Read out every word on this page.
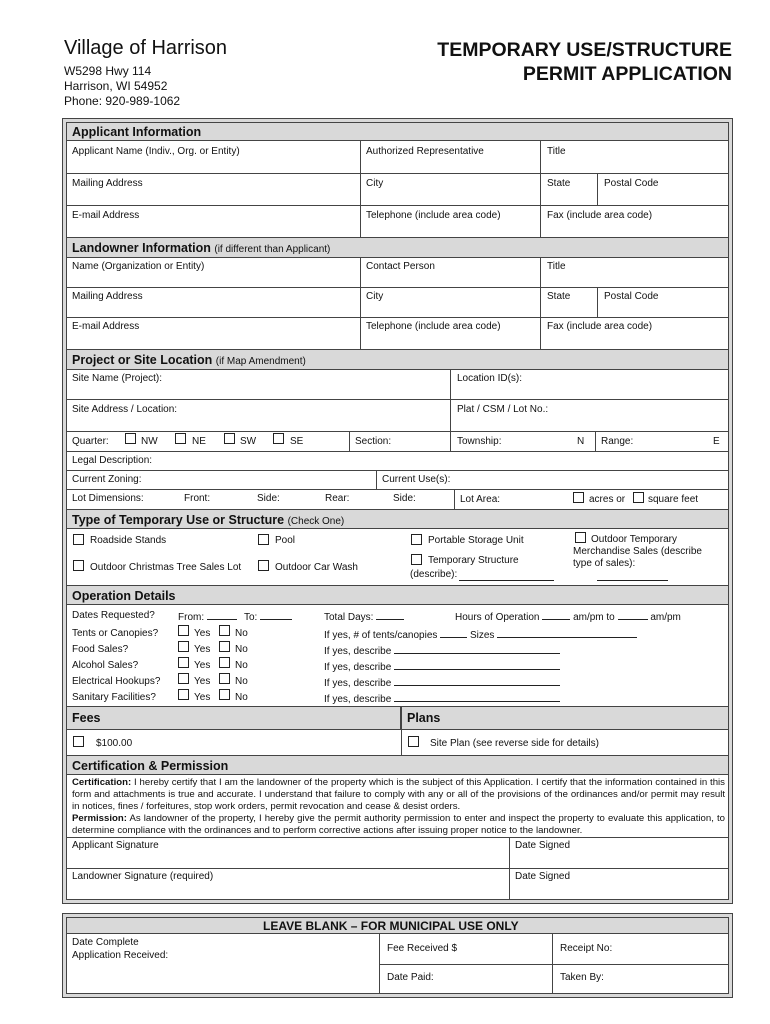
Village of Harrison
W5298 Hwy 114
Harrison, WI 54952
Phone: 920-989-1062
TEMPORARY USE/STRUCTURE
PERMIT APPLICATION
Applicant Information
Applicant Name (Indiv., Org. or Entity)	Authorized Representative	Title
Mailing Address	City	State	Postal Code
E-mail Address	Telephone (include area code)	Fax (include area code)
Landowner Information (if different than Applicant)
Name (Organization or Entity)	Contact Person	Title
Mailing Address	City	State	Postal Code
E-mail Address	Telephone (include area code)	Fax (include area code)
Project or Site Location (if Map Amendment)
Site Name (Project):	Location ID(s):
Site Address / Location:	Plat / CSM / Lot No.:
Quarter:	NW	NE	SW	SE	Section:	Township:	N Range:	E
Legal Description:
Current Zoning:	Current Use(s):
Lot Dimensions:	Front:	Side:	Rear:	Side:	Lot Area:	acres or square feet
Type of Temporary Use or Structure (Check One)
Roadside Stands	Pool	Portable Storage Unit	Outdoor Temporary
Merchandise Sales (describe
type of sales):
Outdoor Christmas Tree Sales Lot	Outdoor Car Wash
Temporary Structure
(describe):
Operation Details
Dates Requested? From:	To:	Total Days:	Hours of Operation	am/pm to	am/pm
Tents or Canopies?	Yes No	If yes, # of tents/canopies	Sizes
Food Sales?	Yes No	If yes, describe
Alcohol Sales?	Yes No	If yes, describe
Electrical Hookups?	Yes No	If yes, describe
Sanitary Facilities?	Yes No	If yes, describe
Fees	Plans
$100.00	Site Plan (see reverse side for details)
Certification & Permission
Certification: I hereby certify that I am the landowner of the property which is the subject of this Application. I certify that the information contained in this form and attachments is true and accurate. I understand that failure to comply with any or all of the provisions of the ordinances and/or permit may result in notices, fines / forfeitures, stop work orders, permit revocation and cease & desist orders.
Permission: As landowner of the property, I hereby give the permit authority permission to enter and inspect the property to evaluate this application, to determine compliance with the ordinances and to perform corrective actions after issuing proper notice to the landowner.
Applicant Signature	Date Signed
Landowner Signature (required)	Date Signed
LEAVE BLANK – FOR MUNICIPAL USE ONLY
Date Complete
Application Received:
Fee Received $	Receipt No:
Date Paid:	Taken By:
